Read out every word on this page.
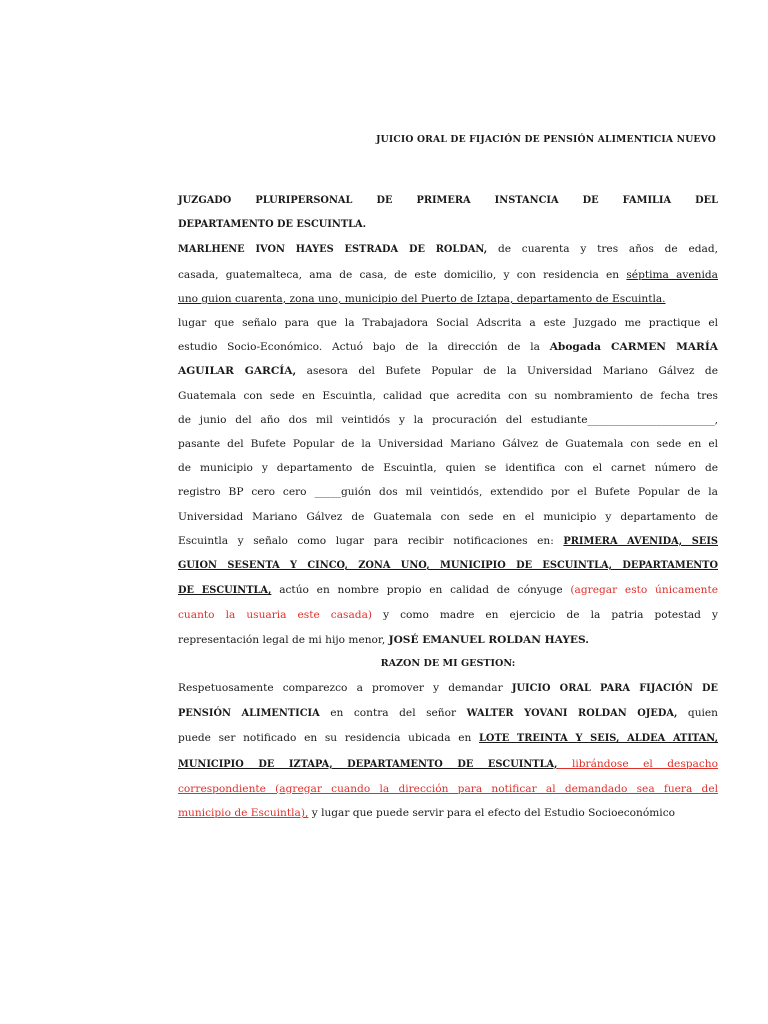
JUICIO ORAL DE FIJACIÓN DE PENSIÓN ALIMENTICIA NUEVO
JUZGADO PLURIPERSONAL DE PRIMERA INSTANCIA DE FAMILIA DEL
DEPARTAMENTO DE ESCUINTLA.
MARLHENE IVON HAYES ESTRADA DE ROLDAN, de cuarenta y tres años de edad,
casada, guatemalteca, ama de casa, de este domicilio, y con residencia en séptima avenida
uno guion cuarenta, zona uno, municipio del Puerto de Iztapa, departamento de Escuintla.
lugar que señalo para que la Trabajadora Social Adscrita a este Juzgado me practique el
estudio Socio-Económico. Actuó bajo de la dirección de la Abogada CARMEN MARÍA
AGUILAR GARCÍA, asesora del Bufete Popular de la Universidad Mariano Gálvez de
Guatemala con sede en Escuintla, calidad que acredita con su nombramiento de fecha tres
de junio del año dos mil veintidós y la procuración del estudiante________________________,
pasante del Bufete Popular de la Universidad Mariano Gálvez de Guatemala con sede en el
de municipio y departamento de Escuintla, quien se identifica con el carnet número de
registro BP cero cero _____guión dos mil veintidós, extendido por el Bufete Popular de la
Universidad Mariano Gálvez de Guatemala con sede en el municipio y departamento de
Escuintla y señalo como lugar para recibir notificaciones en: PRIMERA AVENIDA, SEIS
GUION SESENTA Y CINCO, ZONA UNO, MUNICIPIO DE ESCUINTLA, DEPARTAMENTO
DE ESCUINTLA, actúo en nombre propio en calidad de cónyuge (agregar esto únicamente
cuanto la usuaria este casada) y como madre en ejercicio de la patria potestad y
representación legal de mi hijo menor, JOSÉ EMANUEL ROLDAN HAYES.
RAZON DE MI GESTION:
Respetuosamente comparezco a promover y demandar JUICIO ORAL PARA FIJACIÓN DE
PENSIÓN ALIMENTICIA en contra del señor WALTER YOVANI ROLDAN OJEDA, quien
puede ser notificado en su residencia ubicada en LOTE TREINTA Y SEIS, ALDEA ATITAN,
MUNICIPIO DE IZTAPA, DEPARTAMENTO DE ESCUINTLA, librándose el despacho
correspondiente (agregar cuando la dirección para notificar al demandado sea fuera del
municipio de Escuintla), y lugar que puede servir para el efecto del Estudio Socioeconómico
